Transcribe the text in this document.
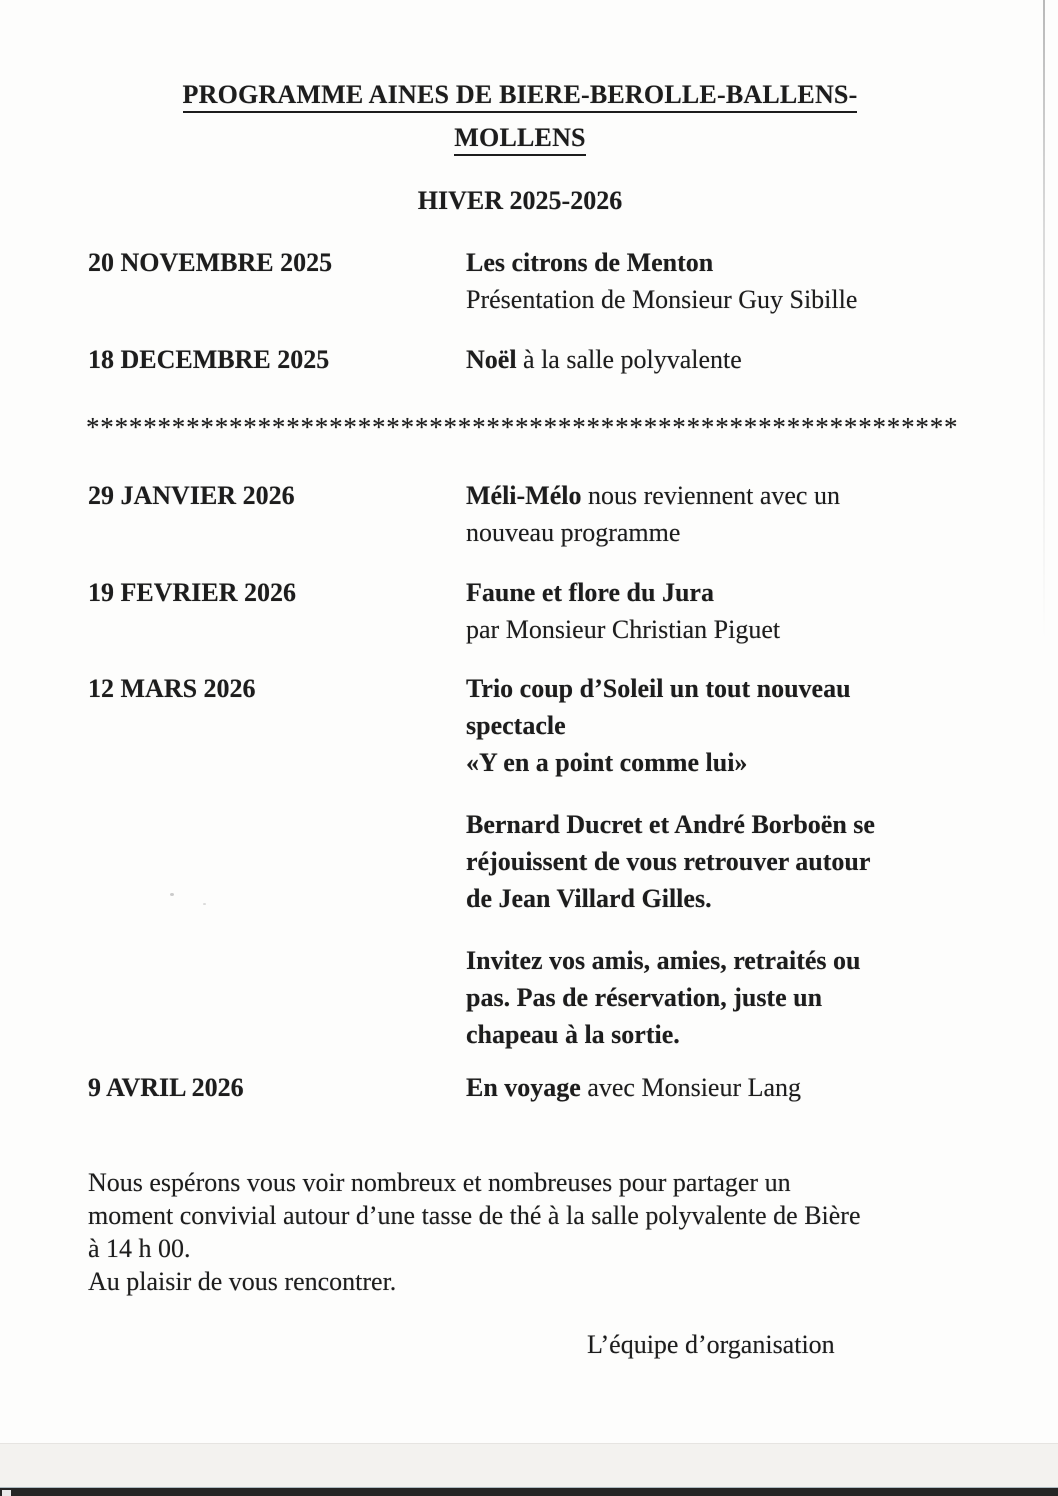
PROGRAMME AINES DE BIERE-BEROLLE-BALLENS-
MOLLENS
HIVER 2025-2026
20 NOVEMBRE 2025	Les citrons de Menton
Présentation de Monsieur Guy Sibille
18 DECEMBRE 2025	Noël à la salle polyvalente
29 JANVIER 2026	Méli-Mélo nous reviennent avec un
nouveau programme
19 FEVRIER 2026	Faune et flore du Jura
par Monsieur Christian Piguet
12 MARS 2026	Trio coup d’Soleil un tout nouveau
spectacle
«Y en a point comme lui»
Bernard Ducret et André Borboën se
réjouissent de vous retrouver autour
de Jean Villard Gilles.
Invitez vos amis, amies, retraités ou
pas. Pas de réservation, juste un
chapeau à la sortie.
9 AVRIL 2026	En voyage avec Monsieur Lang
*************************************************************
Nous espérons vous voir nombreux et nombreuses pour partager un
moment convivial autour d’une tasse de thé à la salle polyvalente de Bière
à 14 h 00.
Au plaisir de vous rencontrer.
L’équipe d’organisation
